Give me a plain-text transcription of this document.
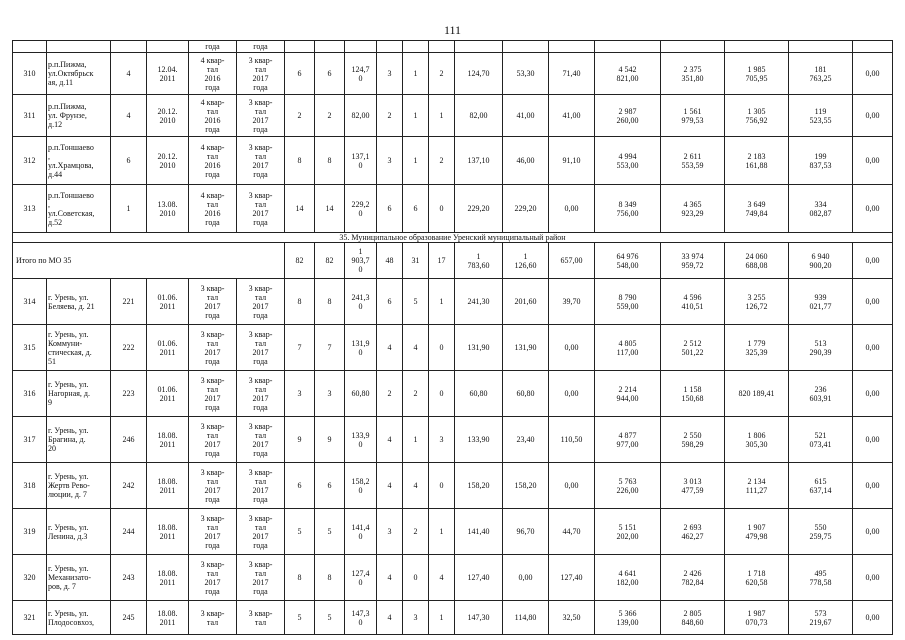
111
				года	года														
310	р.п.Пижма,
ул.Октябрьск
ая, д.11	4	12.04.
2011	4 квар-
тал
2016
года	3 квар-
тал
2017
года	6	6	124,7
0	3	1	2	124,70	53,30	71,40	4 542
821,00	2 375
351,80	1 985
705,95	181
763,25	0,00
311	р.п.Пижма,
ул. Фрунзе,
д.12	4	20.12.
2010	4 квар-
тал
2016
года	3 квар-
тал
2017
года	2	2	82,00	2	1	1	82,00	41,00	41,00	2 987
260,00	1 561
979,53	1 305
756,92	119
523,55	0,00
312	р.п.Тоншаево
,
ул.Храмцова,
д.44	6	20.12.
2010	4 квар-
тал
2016
года	3 квар-
тал
2017
года	8	8	137,1
0	3	1	2	137,10	46,00	91,10	4 994
553,00	2 611
553,59	2 183
161,88	199
837,53	0,00
313	р.п.Тоншаево
,
ул.Советская,
д.52	1	13.08.
2010	4 квар-
тал
2016
года	3 квар-
тал
2017
года	14	14	229,2
0	6	6	0	229,20	229,20	0,00	8 349
756,00	4 365
923,29	3 649
749,84	334
082,87	0,00
35. Муниципальное образование Уренский муниципальный район																			
Итого по МО 35						82	82	1
903,7
0	48	31	17	1
783,60	1
126,60	657,00	64 976
548,00	33 974
959,72	24 060
688,08	6 940
900,20	0,00
314	г. Урень, ул.
Беляева, д. 21	221	01.06.
2011	3 квар-
тал
2017
года	3 квар-
тал
2017
года	8	8	241,3
0	6	5	1	241,30	201,60	39,70	8 790
559,00	4 596
410,51	3 255
126,72	939
021,77	0,00
315	г. Урень, ул.
Коммуни-
стическая, д.
51	222	01.06.
2011	3 квар-
тал
2017
года	3 квар-
тал
2017
года	7	7	131,9
0	4	4	0	131,90	131,90	0,00	4 805
117,00	2 512
501,22	1 779
325,39	513
290,39	0,00
316	г. Урень, ул.
Нагорная, д.
9	223	01.06.
2011	3 квар-
тал
2017
года	3 квар-
тал
2017
года	3	3	60,80	2	2	0	60,80	60,80	0,00	2 214
944,00	1 158
150,68	820 189,41	236
603,91	0,00
317	г. Урень, ул.
Брагина, д.
20	246	18.08.
2011	3 квар-
тал
2017
года	3 квар-
тал
2017
года	9	9	133,9
0	4	1	3	133,90	23,40	110,50	4 877
977,00	2 550
598,29	1 806
305,30	521
073,41	0,00
318	г. Урень, ул.
Жертв Рево-
люции, д. 7	242	18.08.
2011	3 квар-
тал
2017
года	3 квар-
тал
2017
года	6	6	158,2
0	4	4	0	158,20	158,20	0,00	5 763
226,00	3 013
477,59	2 134
111,27	615
637,14	0,00
319	г. Урень, ул.
Ленина, д.3	244	18.08.
2011	3 квар-
тал
2017
года	3 квар-
тал
2017
года	5	5	141,4
0	3	2	1	141,40	96,70	44,70	5 151
202,00	2 693
462,27	1 907
479,98	550
259,75	0,00
320	г. Урень, ул.
Механизато-
ров, д. 7	243	18.08.
2011	3 квар-
тал
2017
года	3 квар-
тал
2017
года	8	8	127,4
0	4	0	4	127,40	0,00	127,40	4 641
182,00	2 426
782,84	1 718
620,58	495
778,58	0,00
321	г. Урень, ул.
Плодосовхоз,	245	18.08.
2011	3 квар-
тал	3 квар-
тал	5	5	147,3
0	4	3	1	147,30	114,80	32,50	5 366
139,00	2 805
848,60	1 987
070,73	573
219,67	0,00
